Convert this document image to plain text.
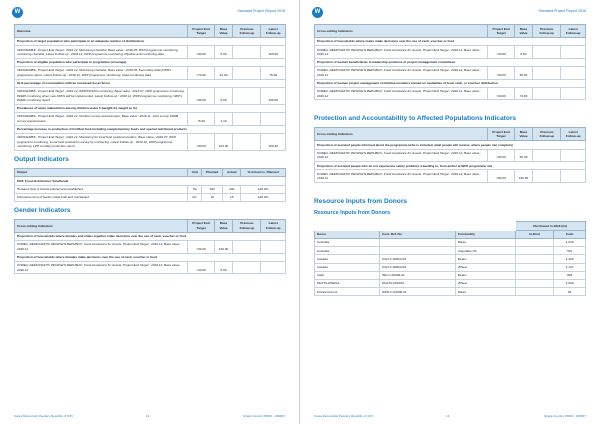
W	Standard Project Report 2016
Outcome	Project End Target	Base Value	Previous Follow-up	Latest Follow-up
Proportion of target population who participate in an adequate number of distributions				
OFFICE/RBS , Project End Target : 2016.12, Monitoring checklist, Base value : 2016.05, WFP programme monitoring, monitoring checklist, Latest Follow-up : 2016.12, WFP programme monitoring, Pipeline and monitoring data	>80.00	0.00		100.00
Proportion of eligible population who participate in programme (coverage)				
OFFICE/RBS , Project End Target : 2016.12, Monitoring checklist, Base value : 2016.05, Secondary data (OPR's programme report, Latest Follow-up : 2016.12, WFP programme monitoring, Field monitoring data	>70.00	61.00		75.00
GLS-percentage of communities with an increased Asset Score				
OFFICE/RBS , Project End Target : 2016.12, WFP/CP/FFA monitoring, Base value : 2016.07, WFP programme monitoring, PDRR monitoring when new FFKG will be implemented, Latest Follow-up : 2016.12, WFP programme monitoring, WFP's PDRR monitoring report	>80.00	0.00		100.00
Prevalence of acute malnutrition among children under 5 (weight-for-height as %)				
OFFICE/RBS , Project End Target : 2016.12, Nutrition survey questionnaire, Base value : 2016.11, Joint survey FDNB survey questionnaire	<5.00	1.10		
Percentage increase in production of fortified food including complementary foods and special nutritional products				
OFFICE/RBS , Project End Target : 2016.12, Monitoring for local food producers/millers, Base value : 2016.07, WFP programme monitoring, Local food production survey by monitoring, Latest Follow-up : 2016.12, WFP programme monitoring, LPP monthly production report	>80.00	100.00		100.40
Output Indicators
Output	Unit	Planned	Actual	% Actual vs. Planned
SO3: Food distribution: Smallscale				
Hectares (ha) of forests planted and established	Ha	200	200	100.0%
Kilometres (km) of feeder roads built and maintained	Km	15	15	100.0%
Gender Indicators
Cross-cutting Indicators	Project End Target	Base Value	Previous Follow-up	Latest Follow-up
Proportion of households where females and males together make decisions over the use of cash, voucher or food				
KOREA, DEMOCRATIC PEOPLE'S REPUBLIC, Food Assistance for Assets, Project End Target : 2016.12, Base value : 2016.12	>50.00	100.00		
Proportion of households where females make decisions over the use of cash, voucher or food				
KOREA, DEMOCRATIC PEOPLE'S REPUBLIC, Food Assistance for Assets, Project End Target : 2016.12, Base value : 2016.12	>30.00	0.00		
Korea Democratic People's Republic of (KP)	12	Single Country PRRO - 200907
W	Standard Project Report 2016
Cross-cutting Indicators	Project End Target	Base Value	Previous Follow-up	Latest Follow-up
Proportion of households where males make decisions over the use of cash, voucher or food				
KOREA, DEMOCRATIC PEOPLE'S REPUBLIC, Food Assistance for Assets, Project End Target : 2016.12, Base value : 2016.12	>20.00	0.00		
Proportion of women beneficiaries in leadership positions of project management committees				
KOREA, DEMOCRATIC PEOPLE'S REPUBLIC, Food Assistance for Assets, Project End Target : 2016.12, Base value : 2016.12	>50.00	65.00		
Proportion of women project management committee members trained on modalities of food, cash, or voucher distribution				
KOREA, DEMOCRATIC PEOPLE'S REPUBLIC, Food Assistance for Assets, Project End Target : 2016.12, Base value : 2016.12	>60.00	74.00		
Protection and Accountability to Affected Populations Indicators
Cross-cutting Indicators	Project End Target	Base Value	Previous Follow-up	Latest Follow-up
Proportion of assisted people informed about the programme (who is included, what people will receive, where people can complain)				
KOREA, DEMOCRATIC PEOPLE'S REPUBLIC, Food Assistance for Assets, Project End Target : 2016.12, Base value : 2016.12	>80.00	66.00		
Proportion of assisted people who do not experience safety problems travelling to, from and/or at WFP programme site				
KOREA, DEMOCRATIC PEOPLE'S REPUBLIC, Food Assistance for Assets, Project End Target : 2016.12, Base value : 2016.12	>80.00	100.00		
Resource Inputs from Donors
Resource Inputs from Donors
			Purchased in 2016 (mt)	
Donor	Cont. Ref. No.	Commodity	In-Kind	Cash
Australia		Maize		1,049
Australia		Vegetable Oil		501
Canada	CAN-C-00520-09	Beans		1,400
Canada	CAN-C-00520-09	Wheat		1,127
India	IND-C-00009-01	Beans		993
MULTILATERAL	MULTILATERAL	Wheat		1,099
Private Donors	WPD-C-03009-01	Maize		82
Korea Democratic People's Republic of (KP)	13	Single Country PRRO - 200907
